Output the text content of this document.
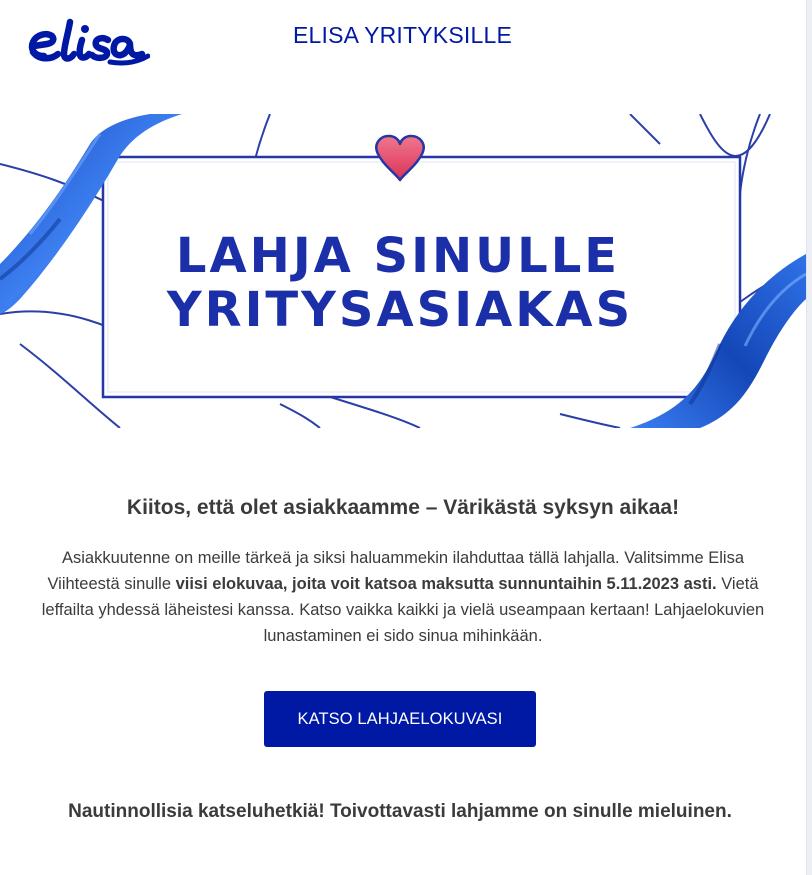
ELISA YRITYKSILLE
LAHJA SINULLE
YRITYSASIAKAS
Kiitos, että olet asiakkaamme – Värikästä syksyn aikaa!

Asiakkuutenne on meille tärkeä ja siksi haluammekin ilahduttaa tällä lahjalla. Valitsimme Elisa Viihteestä sinulle viisi elokuvaa, joita voit katsoa maksutta sunnuntaihin 5.11.2023 asti. Vietä leffailta yhdessä läheistesi kanssa. Katso vaikka kaikki ja vielä useampaan kertaan! Lahjaelokuvien lunastaminen ei sido sinua mihinkään.

KATSO LAHJAELOKUVASI
Nautinnollisia katseluhetkiä! Toivottavasti lahjamme on sinulle mieluinen.
